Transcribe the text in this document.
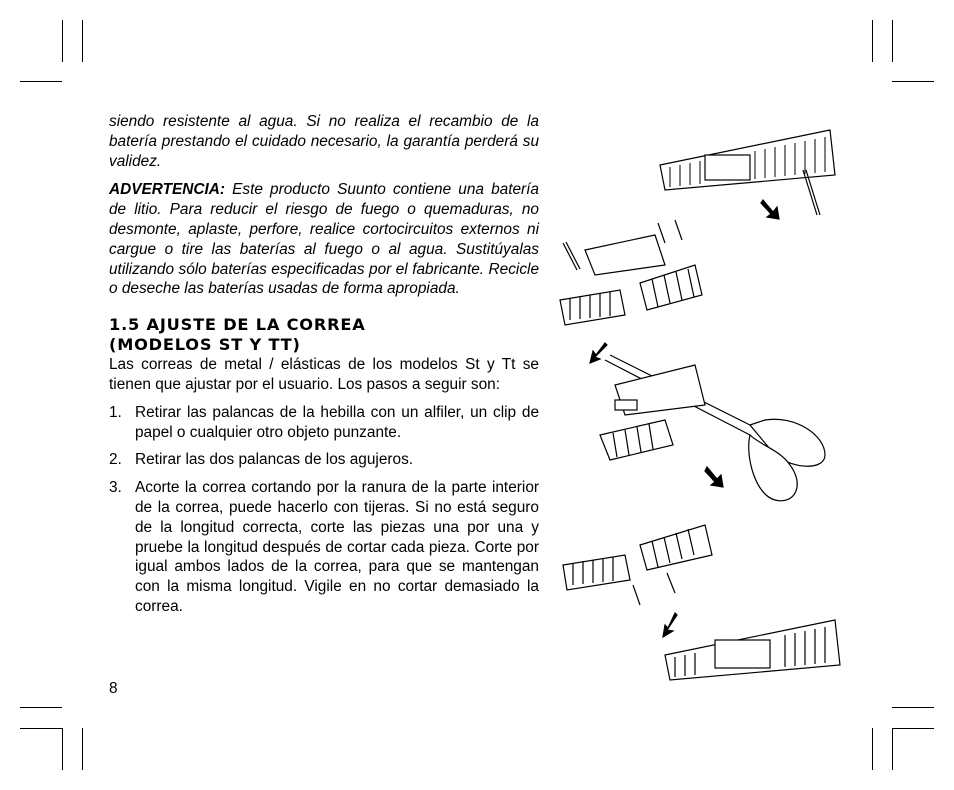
siendo resistente al agua. Si no realiza el recambio de la batería prestando el cuidado necesario, la garantía perderá su validez.

ADVERTENCIA: Este producto Suunto contiene una batería de litio. Para reducir el riesgo de fuego o quemaduras, no desmonte, aplaste, perfore, realice cortocircuitos externos ni cargue o tire las baterías al fuego o al agua. Sustitúyalas utilizando sólo baterías especificadas por el fabricante. Recicle o deseche las baterías usadas de forma apropiada.

1.5 AJUSTE DE LA CORREA
(MODELOS ST Y TT)

Las correas de metal / elásticas de los modelos St y Tt se tienen que ajustar por el usuario. Los pasos a seguir son:

1. Retirar las palancas de la hebilla con un alfiler, un clip de papel o cualquier otro objeto punzante.
2. Retirar las dos palancas de los agujeros.
3. Acorte la correa cortando por la ranura de la parte interior de la correa, puede hacerlo con tijeras. Si no está seguro de la longitud correcta, corte las piezas una por una y pruebe la longitud después de cortar cada pieza. Corte por igual ambos lados de la correa, para que se mantengan con la misma longitud. Vigile en no cortar demasiado la correa.
8
